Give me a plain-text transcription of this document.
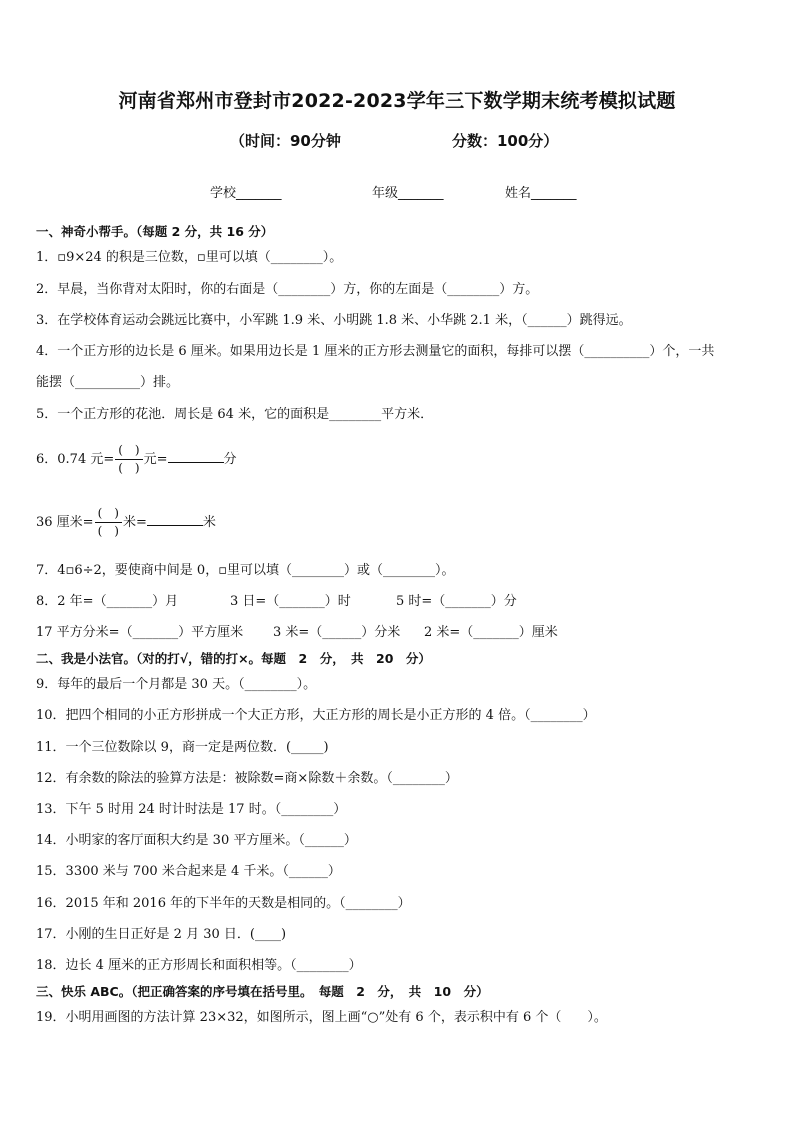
河南省郑州市登封市2022-2023学年三下数学期末统考模拟试题
（时间：90分钟	分数：100分）
学校_______	年级_______	姓名_______
一、神奇小帮手。（每题 2 分，共 16 分）
1．▫9×24 的积是三位数，▫里可以填（________）。
2．早晨，当你背对太阳时，你的右面是（________）方，你的左面是（________）方。
3．在学校体育运动会跳远比赛中，小军跳 1.9 米、小明跳 1.8 米、小华跳 2.1 米，（______）跳得远。
4．一个正方形的边长是 6 厘米。如果用边长是 1 厘米的正方形去测量它的面积，每排可以摆（__________）个，一共
能摆（__________）排。
5．一个正方形的花池．周长是 64 米，它的面积是________平方米．
6．0.74 元= $\frac{( )}{( )}$ 元=	分
36 厘米= $\frac{( )}{( )}$ 米=	米
7．4▫6÷2，要使商中间是 0，▫里可以填（________）或（________）。
8．2 年=（_______）月	3 日=（_______）时	5 时=（_______）分
17 平方分米=（_______）平方厘米 3 米=（______）分米 2 米=（_______）厘米
二、我是小法官。（对的打√，错的打×。每题　2　分，　共　20　分）
9．每年的最后一个月都是 30 天。（________）。
10．把四个相同的小正方形拼成一个大正方形，大正方形的周长是小正方形的 4 倍。（________）
11．一个三位数除以 9，商一定是两位数．(_____)
12．有余数的除法的验算方法是：被除数=商×除数＋余数。（________）
13．下午 5 时用 24 时计时法是 17 时。（________）
14．小明家的客厅面积大约是 30 平方厘米。（______）
15．3300 米与 700 米合起来是 4 千米。（______）
16．2015 年和 2016 年的下半年的天数是相同的。（________）
17．小刚的生日正好是 2 月 30 日．(____)
18．边长 4 厘米的正方形周长和面积相等。（________）
三、快乐 ABC。（把正确答案的序号填在括号里。　每题　2　分，　共　10　分）
19．小明用画图的方法计算 23×32，如图所示，图上画“○”处有 6 个，表示积中有 6 个（　　）。
